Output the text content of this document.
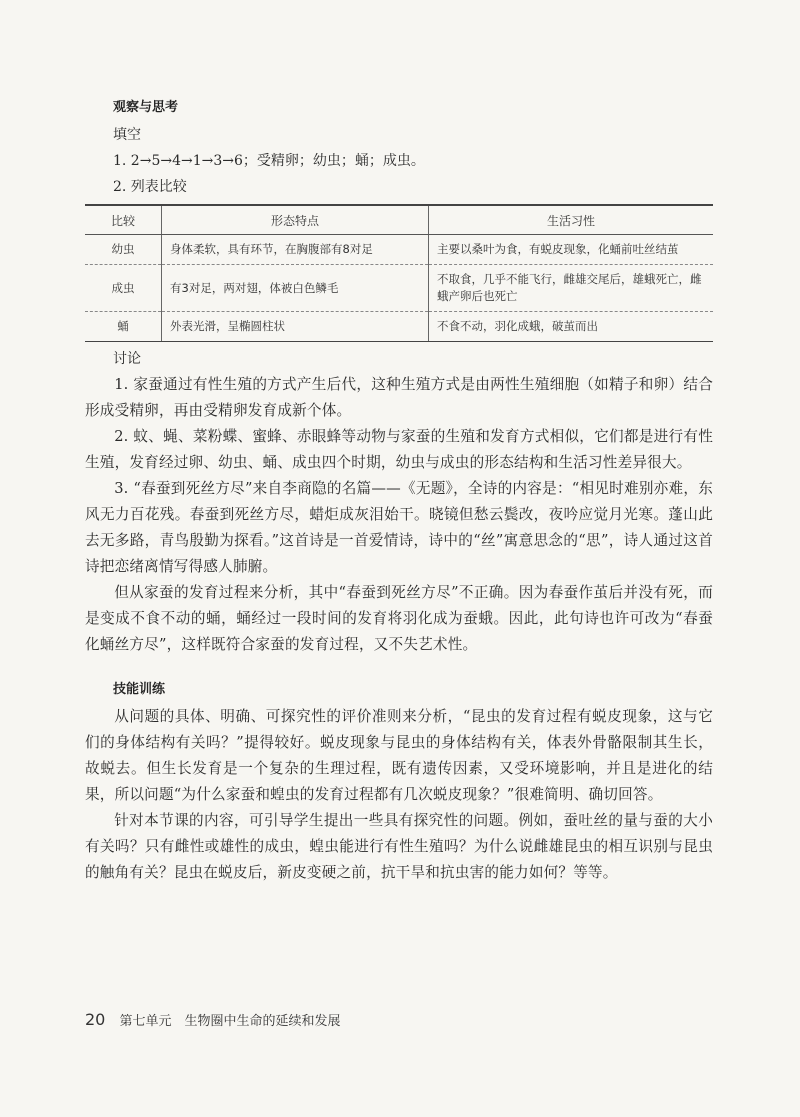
观察与思考
填空
1. 2→5→4→1→3→6；受精卵；幼虫；蛹；成虫。
2. 列表比较
比较	形态特点	生活习性
幼虫	身体柔软，具有环节，在胸腹部有8对足	主要以桑叶为食，有蜕皮现象，化蛹前吐丝结茧
成虫	有3对足，两对翅，体被白色鳞毛	不取食，几乎不能飞行，雌雄交尾后，雄蛾死亡，雌蛾产卵后也死亡
蛹	外表光滑，呈椭圆柱状	不食不动，羽化成蛾，破茧而出
讨论

1. 家蚕通过有性生殖的方式产生后代，这种生殖方式是由两性生殖细胞（如精子和卵）结合形成受精卵，再由受精卵发育成新个体。

2. 蚊、蝇、菜粉蝶、蜜蜂、赤眼蜂等动物与家蚕的生殖和发育方式相似，它们都是进行有性生殖，发育经过卵、幼虫、蛹、成虫四个时期，幼虫与成虫的形态结构和生活习性差异很大。

3. “春蚕到死丝方尽”来自李商隐的名篇——《无题》，全诗的内容是：“相见时难别亦难，东风无力百花残。春蚕到死丝方尽，蜡炬成灰泪始干。晓镜但愁云鬓改，夜吟应觉月光寒。蓬山此去无多路，青鸟殷勤为探看。”这首诗是一首爱情诗，诗中的“丝”寓意思念的“思”，诗人通过这首诗把恋绪离情写得感人肺腑。

但从家蚕的发育过程来分析，其中“春蚕到死丝方尽”不正确。因为春蚕作茧后并没有死，而是变成不食不动的蛹，蛹经过一段时间的发育将羽化成为蚕蛾。因此，此句诗也许可改为“春蚕化蛹丝方尽”，这样既符合家蚕的发育过程，又不失艺术性。

技能训练

从问题的具体、明确、可探究性的评价准则来分析，“昆虫的发育过程有蜕皮现象，这与它们的身体结构有关吗？”提得较好。蜕皮现象与昆虫的身体结构有关，体表外骨骼限制其生长，故蜕去。但生长发育是一个复杂的生理过程，既有遗传因素，又受环境影响，并且是进化的结果，所以问题“为什么家蚕和蝗虫的发育过程都有几次蜕皮现象？”很难简明、确切回答。

针对本节课的内容，可引导学生提出一些具有探究性的问题。例如，蚕吐丝的量与蚕的大小有关吗？只有雌性或雄性的成虫，蝗虫能进行有性生殖吗？为什么说雌雄昆虫的相互识别与昆虫的触角有关？昆虫在蜕皮后，新皮变硬之前，抗干旱和抗虫害的能力如何？等等。

20 第七单元　生物圈中生命的延续和发展
